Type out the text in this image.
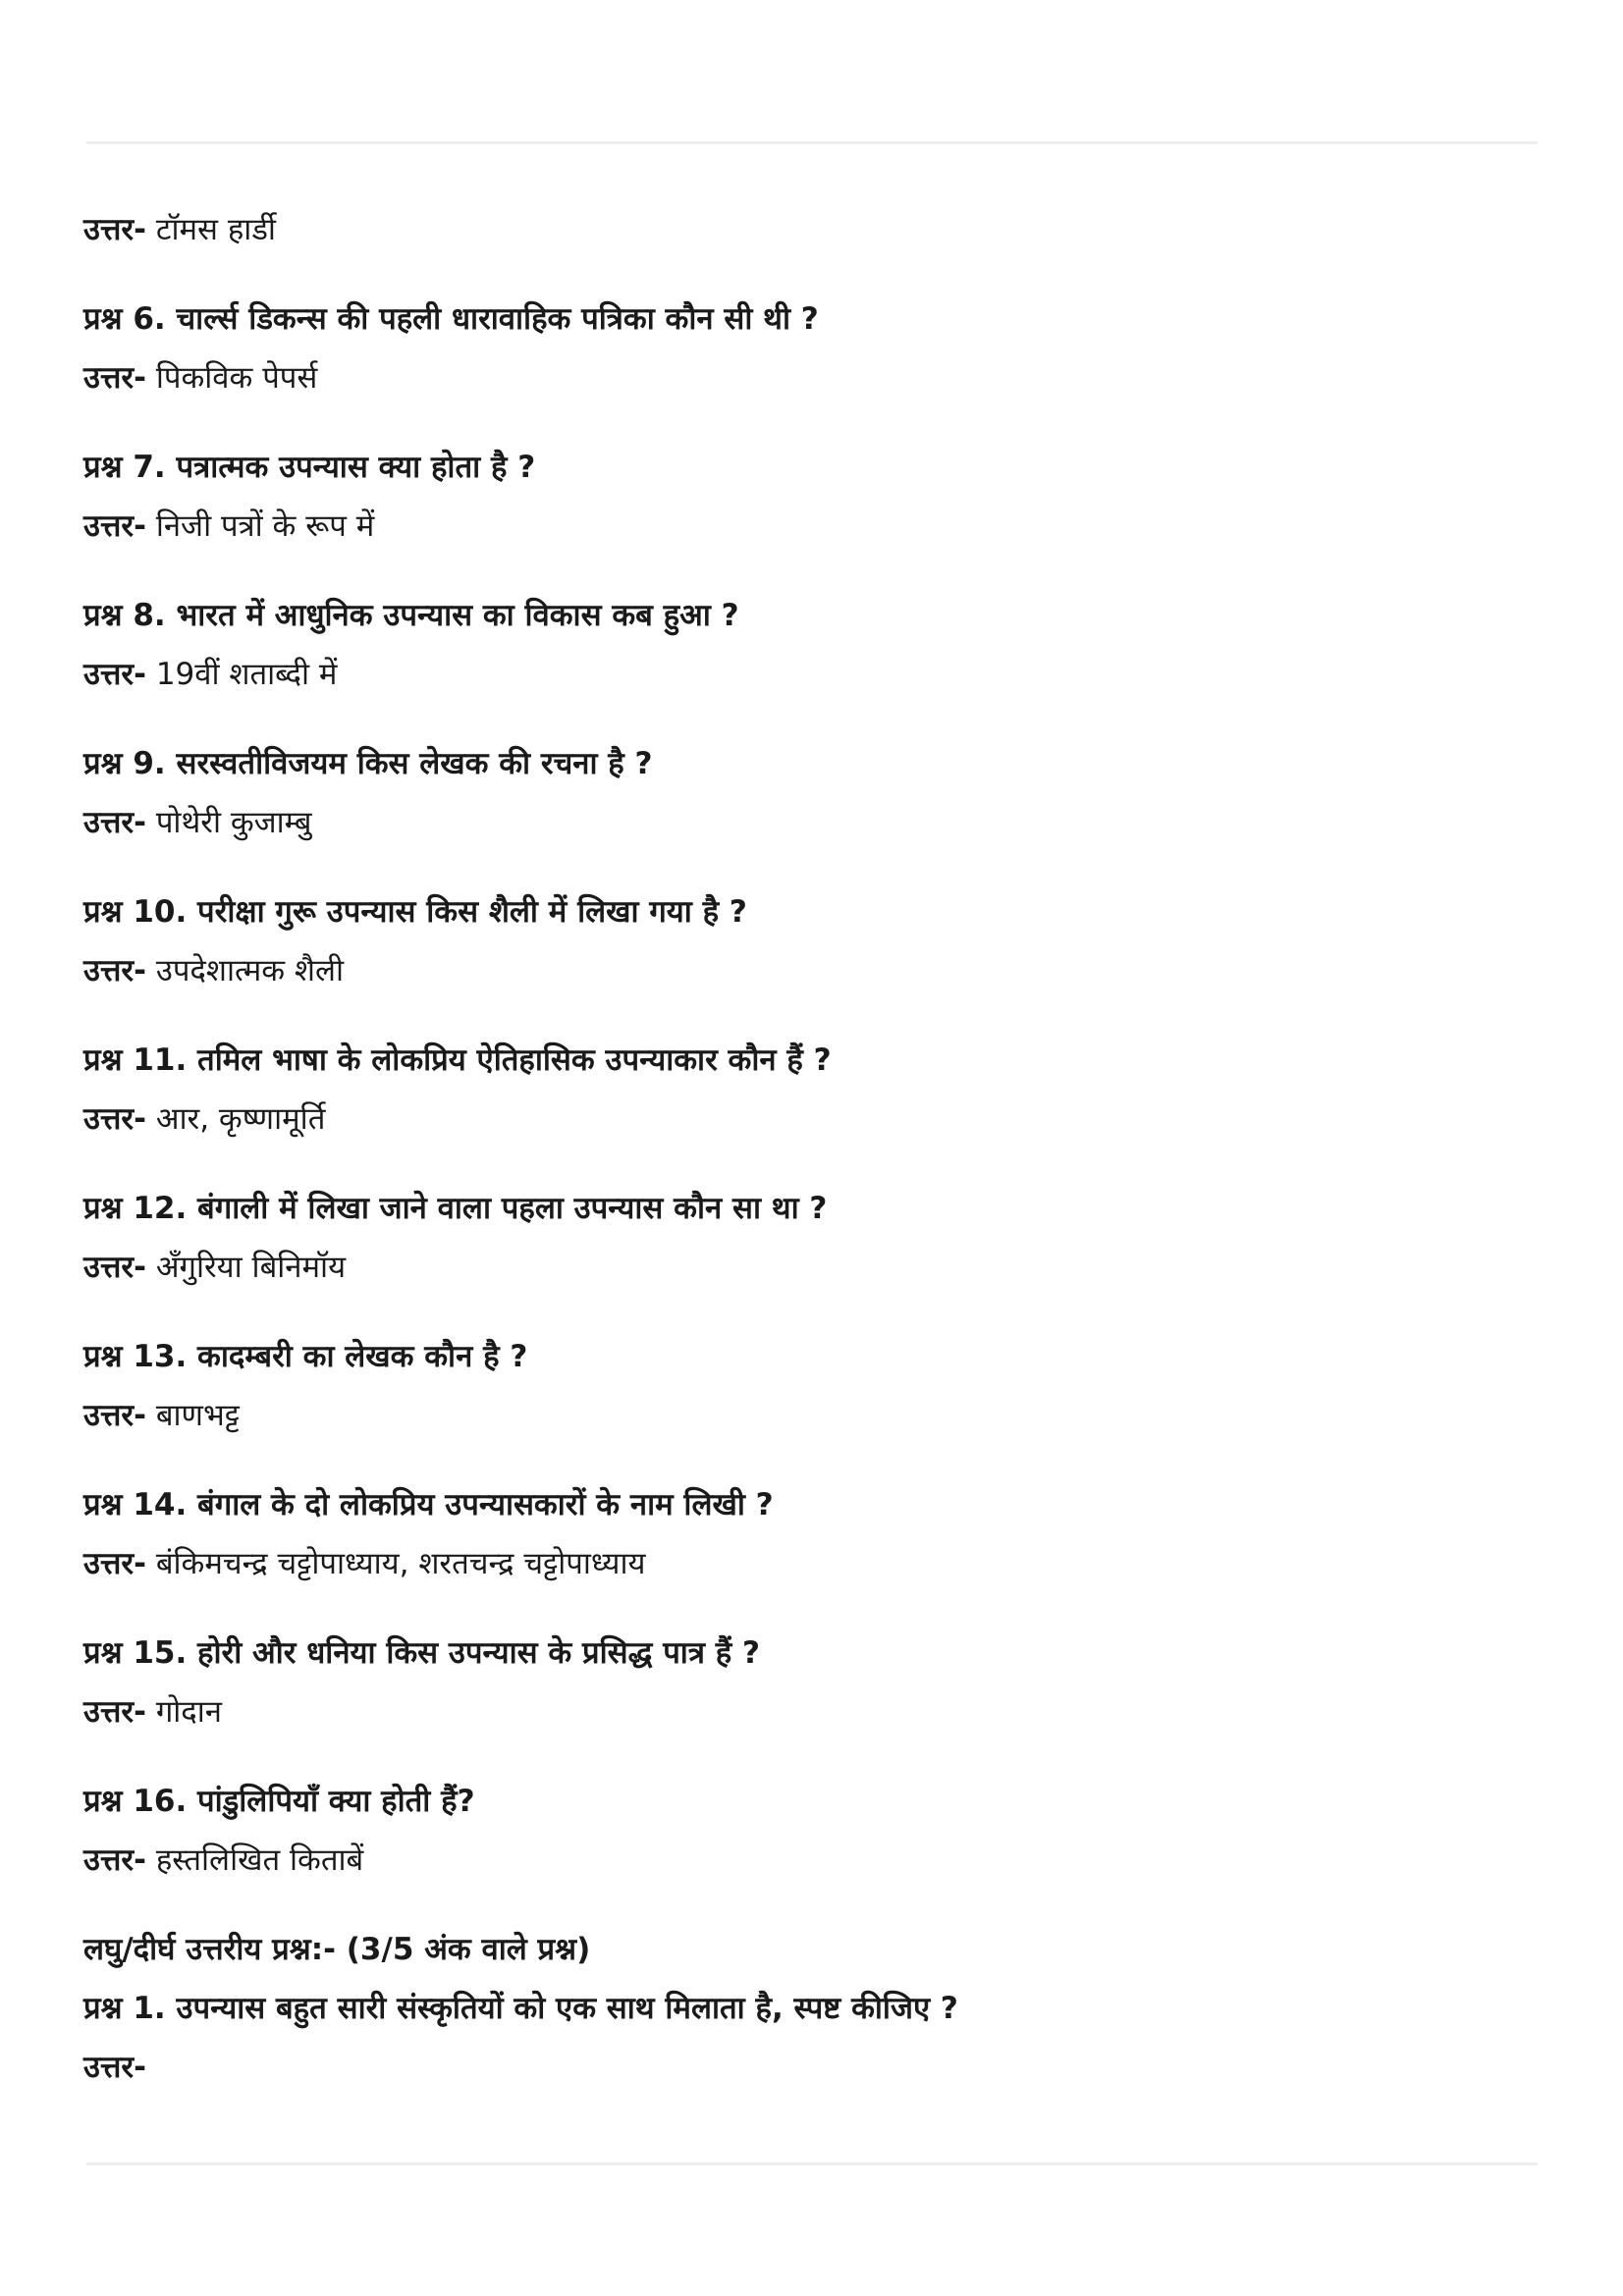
उत्तर- टॉमस हार्डी
प्रश्न 6. चार्ल्स डिकन्स की पहली धारावाहिक पत्रिका कौन सी थी ?
उत्तर- पिकविक पेपर्स
प्रश्न 7. पत्रात्मक उपन्यास क्या होता है ?
उत्तर- निजी पत्रों के रूप में
प्रश्न 8. भारत में आधुनिक उपन्यास का विकास कब हुआ ?
उत्तर- 19वीं शताब्दी में
प्रश्न 9. सरस्वतीविजयम किस लेखक की रचना है ?
उत्तर- पोथेरी कुजाम्बु
प्रश्न 10. परीक्षा गुरू उपन्यास किस शैली में लिखा गया है ?
उत्तर- उपदेशात्मक शैली
प्रश्न 11. तमिल भाषा के लोकप्रिय ऐतिहासिक उपन्याकार कौन हैं ?
उत्तर- आर, कृष्णामूर्ति
प्रश्न 12. बंगाली में लिखा जाने वाला पहला उपन्यास कौन सा था ?
उत्तर- अँगुरिया बिनिमॉय
प्रश्न 13. कादम्बरी का लेखक कौन है ?
उत्तर- बाणभट्ट
प्रश्न 14. बंगाल के दो लोकप्रिय उपन्यासकारों के नाम लिखी ?
उत्तर- बंकिमचन्द्र चट्टोपाध्याय, शरतचन्द्र चट्टोपाध्याय
प्रश्न 15. होरी और धनिया किस उपन्यास के प्रसिद्ध पात्र हैं ?
उत्तर- गोदान
प्रश्न 16. पांडुलिपियाँ क्या होती हैं?
उत्तर- हस्तलिखित किताबें
लघु/दीर्घ उत्तरीय प्रश्न:- (3/5 अंक वाले प्रश्न)
प्रश्न 1. उपन्यास बहुत सारी संस्कृतियों को एक साथ मिलाता है, स्पष्ट कीजिए ?
उत्तर-
